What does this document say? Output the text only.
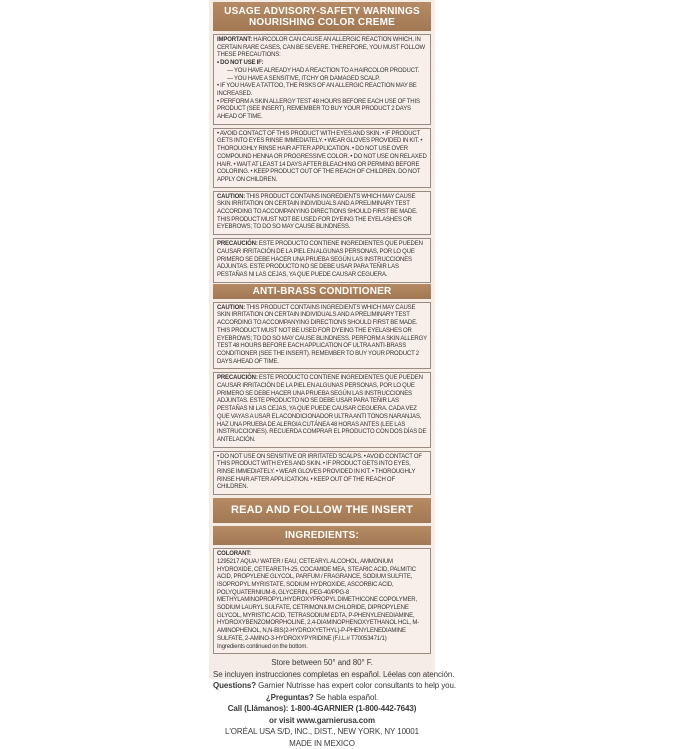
USAGE ADVISORY-SAFETY WARNINGS
NOURISHING COLOR CREME
IMPORTANT: HAIRCOLOR CAN CAUSE AN ALLERGIC REACTION WHICH, IN CERTAIN RARE CASES, CAN BE SEVERE. THEREFORE, YOU MUST FOLLOW THESE PRECAUTIONS:
• DO NOT USE IF:
— YOU HAVE ALREADY HAD A REACTION TO A HAIRCOLOR PRODUCT.
— YOU HAVE A SENSITIVE, ITCHY OR DAMAGED SCALP.
• IF YOU HAVE A TATTOO, THE RISKS OF AN ALLERGIC REACTION MAY BE INCREASED.
• PERFORM A SKIN ALLERGY TEST 48 HOURS BEFORE EACH USE OF THIS PRODUCT (SEE INSERT). REMEMBER TO BUY YOUR PRODUCT 2 DAYS AHEAD OF TIME.
• AVOID CONTACT OF THIS PRODUCT WITH EYES AND SKIN. • IF PRODUCT GETS INTO EYES RINSE IMMEDIATELY. • WEAR GLOVES PROVIDED IN KIT. • THOROUGHLY RINSE HAIR AFTER APPLICATION. • DO NOT USE OVER COMPOUND HENNA OR PROGRESSIVE COLOR. • DO NOT USE ON RELAXED HAIR. • WAIT AT LEAST 14 DAYS AFTER BLEACHING OR PERMING BEFORE COLORING. • KEEP PRODUCT OUT OF THE REACH OF CHILDREN. DO NOT APPLY ON CHILDREN.
CAUTION: THIS PRODUCT CONTAINS INGREDIENTS WHICH MAY CAUSE SKIN IRRITATION ON CERTAIN INDIVIDUALS AND A PRELIMINARY TEST ACCORDING TO ACCOMPANYING DIRECTIONS SHOULD FIRST BE MADE. THIS PRODUCT MUST NOT BE USED FOR DYEING THE EYELASHES OR EYEBROWS; TO DO SO MAY CAUSE BLINDNESS.
PRECAUCIÓN: ESTE PRODUCTO CONTIENE INGREDIENTES QUE PUEDEN CAUSAR IRRITACIÓN DE LA PIEL EN ALGUNAS PERSONAS, POR LO QUE PRIMERO SE DEBE HACER UNA PRUEBA SEGÚN LAS INSTRUCCIONES ADJUNTAS. ESTE PRODUCTO NO SE DEBE USAR PARA TEÑIR LAS PESTAÑAS NI LAS CEJAS, YA QUE PUEDE CAUSAR CEGUERA.
ANTI-BRASS CONDITIONER
CAUTION: THIS PRODUCT CONTAINS INGREDIENTS WHICH MAY CAUSE SKIN IRRITATION ON CERTAIN INDIVIDUALS AND A PRELIMINARY TEST ACCORDING TO ACCOMPANYING DIRECTIONS SHOULD FIRST BE MADE. THIS PRODUCT MUST NOT BE USED FOR DYEING THE EYELASHES OR EYEBROWS; TO DO SO MAY CAUSE BLINDNESS. PERFORM A SKIN ALLERGY TEST 48 HOURS BEFORE EACH APPLICATION OF ULTRA ANTI-BRASS CONDITIONER (SEE THE INSERT). REMEMBER TO BUY YOUR PRODUCT 2 DAYS AHEAD OF TIME.
PRECAUCIÓN: ESTE PRODUCTO CONTIENE INGREDIENTES QUE PUEDEN CAUSAR IRRITACIÓN DE LA PIEL EN ALGUNAS PERSONAS, POR LO QUE PRIMERO SE DEBE HACER UNA PRUEBA SEGÚN LAS INSTRUCCIONES ADJUNTAS. ESTE PRODUCTO NO SE DEBE USAR PARA TEÑIR LAS PESTAÑAS NI LAS CEJAS, YA QUE PUEDE CAUSAR CEGUERA. CADA VEZ QUE VAYAS A USAR EL ACONDICIONADOR ULTRA ANTI TONOS NARANJAS, HAZ UNA PRUEBA DE ALERGIA CUTÁNEA 48 HORAS ANTES (LEE LAS INSTRUCCIONES). RECUERDA COMPRAR EL PRODUCTO CON DOS DÍAS DE ANTELACIÓN.
• DO NOT USE ON SENSITIVE OR IRRITATED SCALPS. • AVOID CONTACT OF THIS PRODUCT WITH EYES AND SKIN. • IF PRODUCT GETS INTO EYES, RINSE IMMEDIATELY. • WEAR GLOVES PROVIDED IN KIT. • THOROUGHLY RINSE HAIR AFTER APPLICATION. • KEEP OUT OF THE REACH OF CHILDREN.
READ AND FOLLOW THE INSERT
INGREDIENTS:
COLORANT:
1295217 AQUA / WATER / EAU, CETEARYL ALCOHOL, AMMONIUM HYDROXIDE, CETEARETH-25, COCAMIDE MEA, STEARIC ACID, PALMITIC ACID, PROPYLENE GLYCOL, PARFUM / FRAGRANCE, SODIUM SULFITE, ISOPROPYL MYRISTATE, SODIUM HYDROXIDE, ASCORBIC ACID, POLYQUATERNIUM-6, GLYCERIN, PEG-40/PPG-8 METHYLAMINOPROPYL/HYDROXYPROPYL DIMETHICONE COPOLYMER, SODIUM LAURYL SULFATE, CETRIMONIUM CHLORIDE, DIPROPYLENE GLYCOL, MYRISTIC ACID, TETRASODIUM EDTA, P-PHENYLENEDIAMINE, HYDROXYBENZOMORPHOLINE, 2,4-DIAMINOPHENOXYETHANOL HCL, M-AMINOPHENOL, N,N-BIS(2-HYDROXYETHYL)-P-PHENYLENEDIAMINE SULFATE, 2-AMINO-3-HYDROXYPYRIDINE (F.I.L.# T70053471/1)
Ingredients continued on the bottom.
Store between 50° and 80° F.
Se incluyen instrucciones completas en español. Léelas con atención.
Questions? Garnier Nutrisse has expert color consultants to help you.
¿Preguntas? Se habla español.
Call (Llámanos): 1-800-4GARNIER (1-800-442-7643)
or visit www.garnierusa.com
L'ORÉAL USA S/D, INC., DIST., NEW YORK, NY 10001
MADE IN MEXICO
